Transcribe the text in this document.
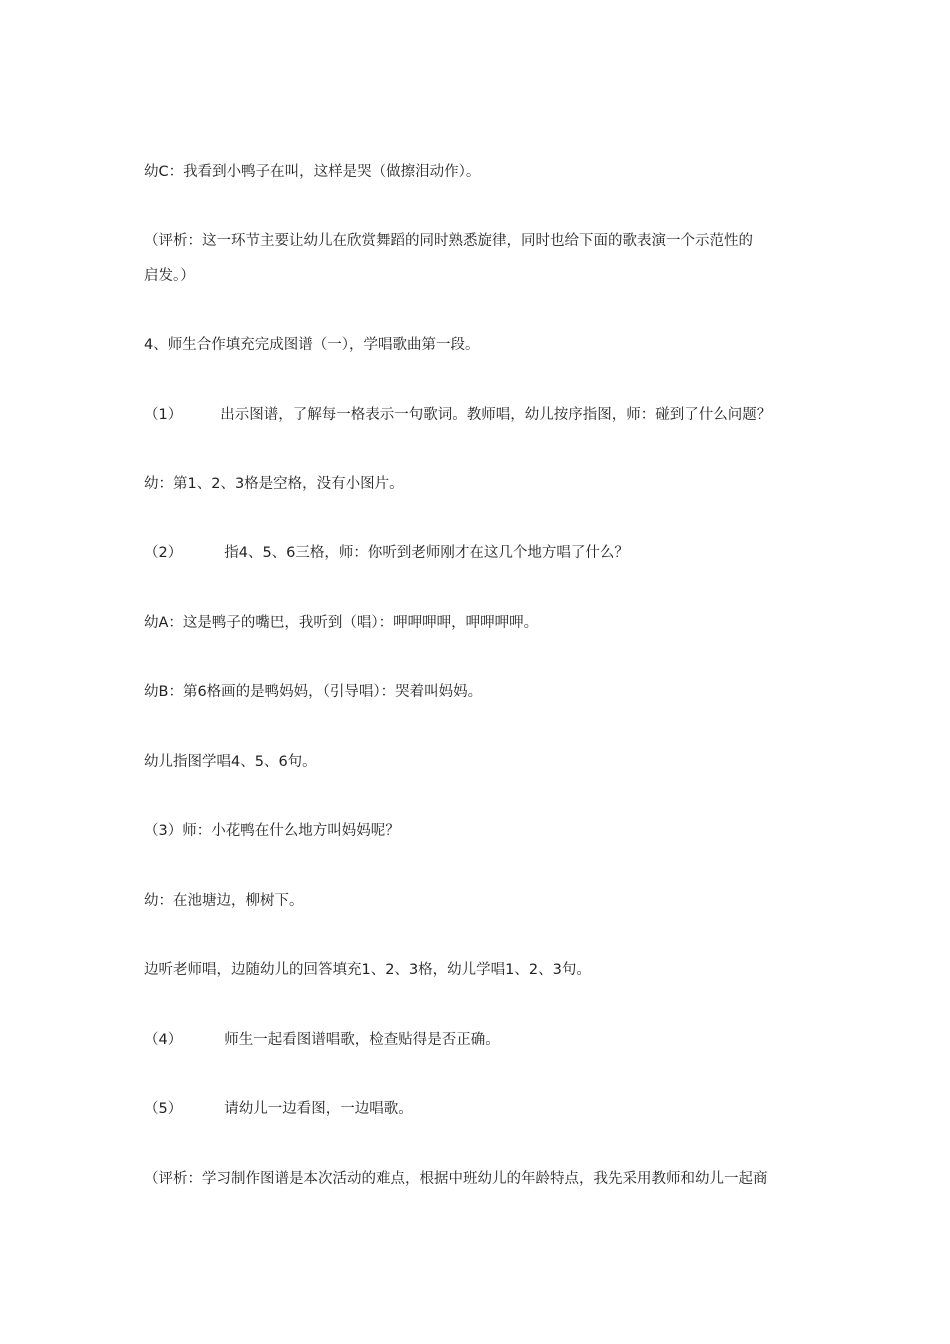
幼C：我看到小鸭子在叫，这样是哭（做擦泪动作）。
（评析：这一环节主要让幼儿在欣赏舞蹈的同时熟悉旋律，同时也给下面的歌表演一个示范性的
启发。）
4、师生合作填充完成图谱（一），学唱歌曲第一段。
（1）	出示图谱，了解每一格表示一句歌词。教师唱，幼儿按序指图，师：碰到了什么问题？
幼：第1、2、3格是空格，没有小图片。
（2）	指4、5、6三格，师：你听到老师刚才在这几个地方唱了什么？
幼A：这是鸭子的嘴巴，我听到（唱）：呷呷呷呷，呷呷呷呷。
幼B：第6格画的是鸭妈妈，（引导唱）：哭着叫妈妈。
幼儿指图学唱4、5、6句。
（3）师：小花鸭在什么地方叫妈妈呢？
幼：在池塘边，柳树下。
边听老师唱，边随幼儿的回答填充1、2、3格，幼儿学唱1、2、3句。
（4）	师生一起看图谱唱歌，检查贴得是否正确。
（5）	请幼儿一边看图，一边唱歌。
（评析：学习制作图谱是本次活动的难点，根据中班幼儿的年龄特点，我先采用教师和幼儿一起商
